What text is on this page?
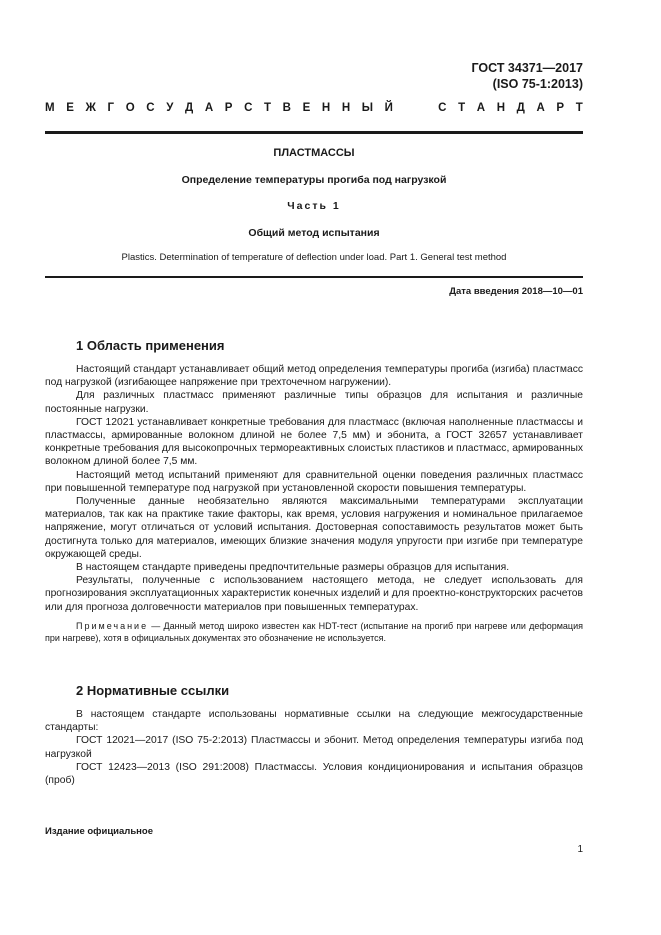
ГОСТ 34371—2017
(ISO 75-1:2013)
М Е Ж Г О С У Д А Р С Т В Е Н Н Ы Й	С Т А Н Д А Р Т
ПЛАСТМАССЫ
Определение температуры прогиба под нагрузкой
Часть 1
Общий метод испытания
Plastics. Determination of temperature of deflection under load. Part 1. General test method
Дата введения 2018—10—01
1 Область применения

Настоящий стандарт устанавливает общий метод определения температуры прогиба (изгиба) пластмасс под нагрузкой (изгибающее напряжение при трехточечном нагружении).

Для различных пластмасс применяют различные типы образцов для испытания и различные постоянные нагрузки.

ГОСТ 12021 устанавливает конкретные требования для пластмасс (включая наполненные пластмассы и пластмассы, армированные волокном длиной не более 7,5 мм) и эбонита, а ГОСТ 32657 устанавливает конкретные требования для высокопрочных термореактивных слоистых пластиков и пластмасс, армированных волокном длиной более 7,5 мм.

Настоящий метод испытаний применяют для сравнительной оценки поведения различных пластмасс при повышенной температуре под нагрузкой при установленной скорости повышения температуры.

Полученные данные необязательно являются максимальными температурами эксплуатации материалов, так как на практике такие факторы, как время, условия нагружения и номинальное прилагаемое напряжение, могут отличаться от условий испытания. Достоверная сопоставимость результатов может быть достигнута только для материалов, имеющих близкие значения модуля упругости при изгибе при температуре окружающей среды.

В настоящем стандарте приведены предпочтительные размеры образцов для испытания.

Результаты, полученные с использованием настоящего метода, не следует использовать для прогнозирования эксплуатационных характеристик конечных изделий и для проектно-конструкторских расчетов или для прогноза долговечности материалов при повышенных температурах.

Примечание — Данный метод широко известен как HDT-тест (испытание на прогиб при нагреве или деформация при нагреве), хотя в официальных документах это обозначение не используется.

2 Нормативные ссылки

В настоящем стандарте использованы нормативные ссылки на следующие межгосударственные стандарты:

ГОСТ 12021—2017 (ISO 75-2:2013) Пластмассы и эбонит. Метод определения температуры изгиба под нагрузкой

ГОСТ 12423—2013 (ISO 291:2008) Пластмассы. Условия кондиционирования и испытания образцов (проб)

Издание официальное
1
